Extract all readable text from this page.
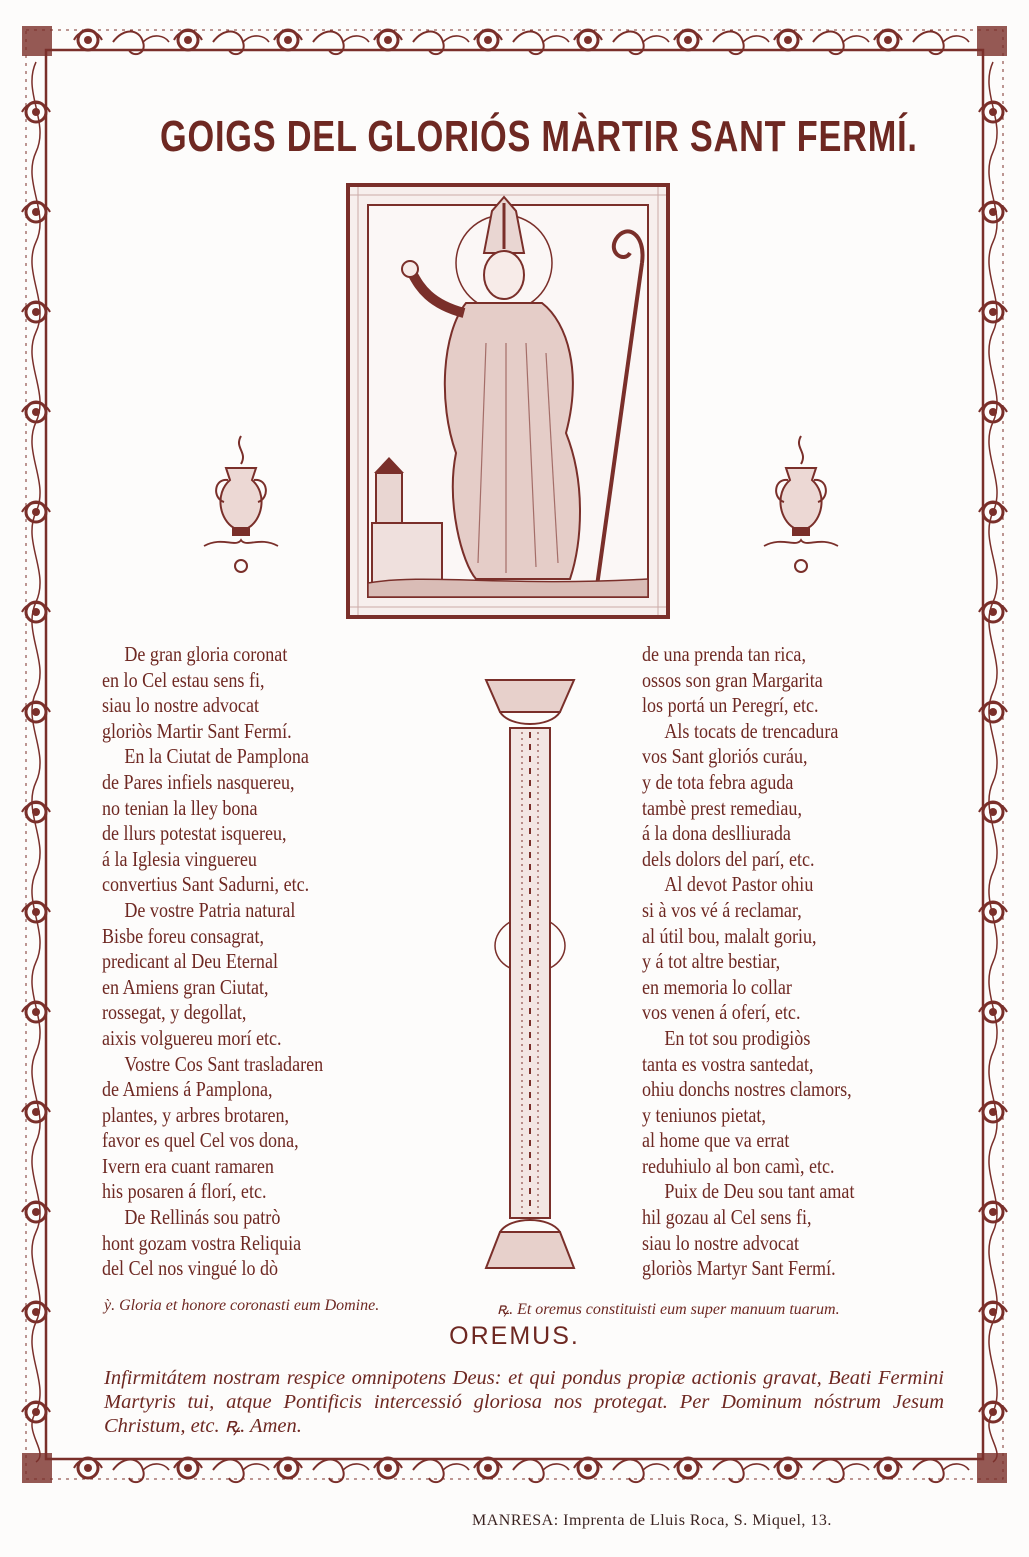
GOIGS DEL GLORIÓS MÀRTIR SANT FERMÍ.
De gran gloria coronat
en lo Cel estau sens fi,
siau lo nostre advocat
gloriòs Martir Sant Fermí.
En la Ciutat de Pamplona
de Pares infiels nasquereu,
no tenian la lley bona
de llurs potestat isquereu,
á la Iglesia vinguereu
convertius Sant Sadurni, etc.
De vostre Patria natural
Bisbe foreu consagrat,
predicant al Deu Eternal
en Amiens gran Ciutat,
rossegat, y degollat,
aixis volguereu morí etc.
Vostre Cos Sant trasladaren
de Amiens á Pamplona,
plantes, y arbres brotaren,
favor es quel Cel vos dona,
Ivern era cuant ramaren
his posaren á florí, etc.
De Rellinás sou patrò
hont gozam vostra Reliquia
del Cel nos vingué lo dò
de una prenda tan rica,
ossos son gran Margarita
los portá un Peregrí, etc.
Als tocats de trencadura
vos Sant gloriós curáu,
y de tota febra aguda
tambè prest remediau,
á la dona deslliurada
dels dolors del parí, etc.
Al devot Pastor ohiu
si à vos vé á reclamar,
al útil bou, malalt goriu,
y á tot altre bestiar,
en memoria lo collar
vos venen á oferí, etc.
En tot sou prodigiòs
tanta es vostra santedat,
ohiu donchs nostres clamors,
y teniunos pietat,
al home que va errat
reduhiulo al bon camì, etc.
Puix de Deu sou tant amat
hil gozau al Cel sens fi,
siau lo nostre advocat
gloriòs Martyr Sant Fermí.
ỳ. Gloria et honore coronasti eum Domine.	ꝶ. Et oremus constituisti eum super manuum tuarum.
OREMUS.
Infirmitátem nostram respice omnipotens Deus: et qui pondus propiæ actionis gravat, Beati Fermini Martyris tui, atque Pontificis intercessió gloriosa nos protegat. Per Dominum nóstrum Jesum Christum, etc. ꝶ. Amen.
MANRESA: Imprenta de Lluis Roca, S. Miquel, 13.
